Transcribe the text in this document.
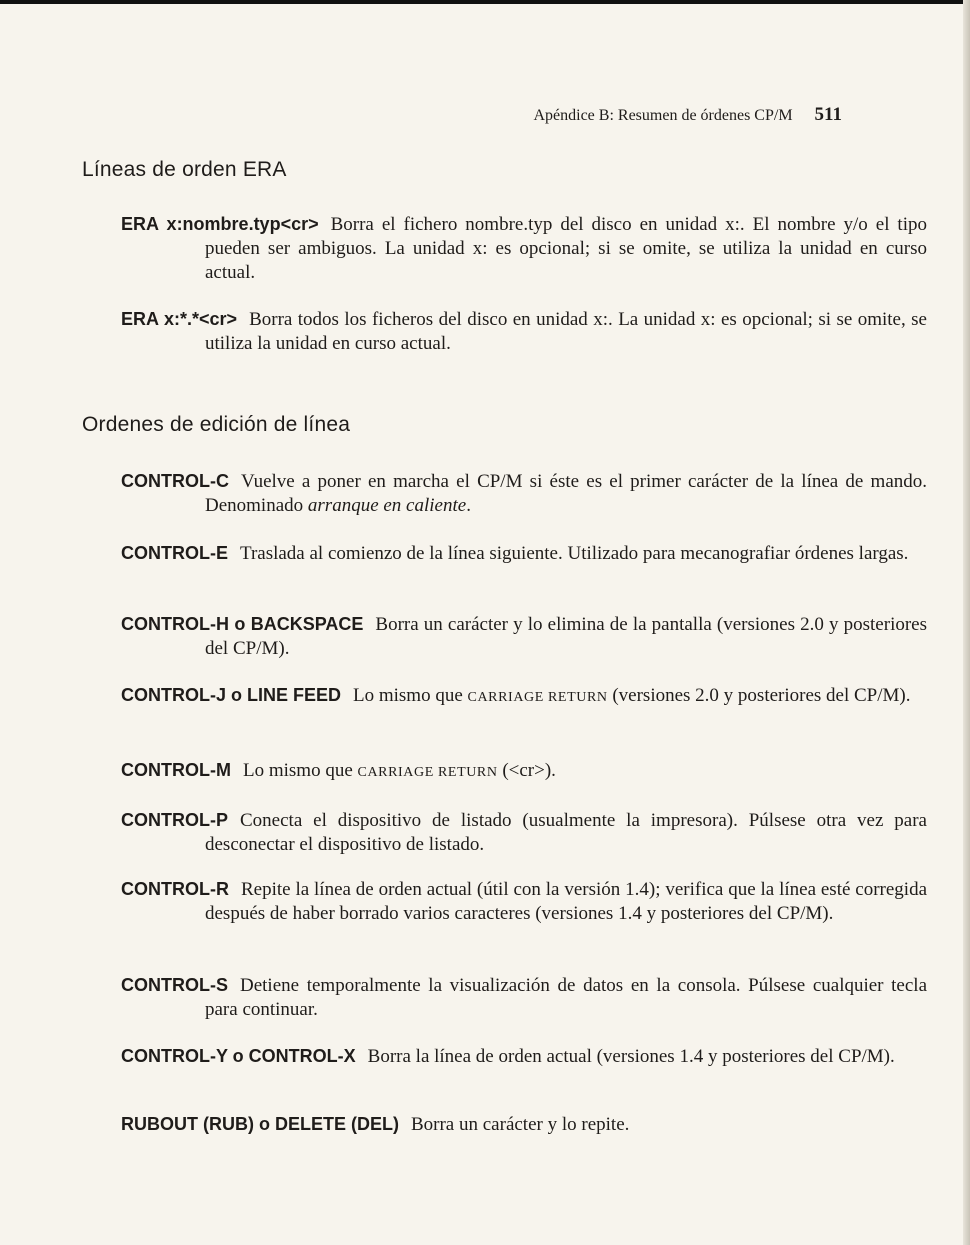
Apéndice B: Resumen de órdenes CP/M 511
Líneas de orden ERA
ERA x:nombre.typ<cr> Borra el fichero nombre.typ del disco en unidad x:. El nombre y/o el tipo pueden ser ambiguos. La unidad x: es opcional; si se omite, se utiliza la unidad en curso actual.
ERA x:*.*<cr> Borra todos los ficheros del disco en unidad x:. La unidad x: es opcional; si se omite, se utiliza la unidad en curso actual.
Ordenes de edición de línea
CONTROL-C Vuelve a poner en marcha el CP/M si éste es el primer carácter de la línea de mando. Denominado arranque en caliente.
CONTROL-E Traslada al comienzo de la línea siguiente. Utilizado para mecanografiar órdenes largas.
CONTROL-H o BACKSPACE Borra un carácter y lo elimina de la pantalla (versiones 2.0 y posteriores del CP/M).
CONTROL-J o LINE FEED Lo mismo que CARRIAGE RETURN (versiones 2.0 y posteriores del CP/M).
CONTROL-M Lo mismo que CARRIAGE RETURN (<cr>).
CONTROL-P Conecta el dispositivo de listado (usualmente la impresora). Púlsese otra vez para desconectar el dispositivo de listado.
CONTROL-R Repite la línea de orden actual (útil con la versión 1.4); verifica que la línea esté corregida después de haber borrado varios caracteres (versiones 1.4 y posteriores del CP/M).
CONTROL-S Detiene temporalmente la visualización de datos en la consola. Púlsese cualquier tecla para continuar.
CONTROL-Y o CONTROL-X Borra la línea de orden actual (versiones 1.4 y posteriores del CP/M).
RUBOUT (RUB) o DELETE (DEL) Borra un carácter y lo repite.
